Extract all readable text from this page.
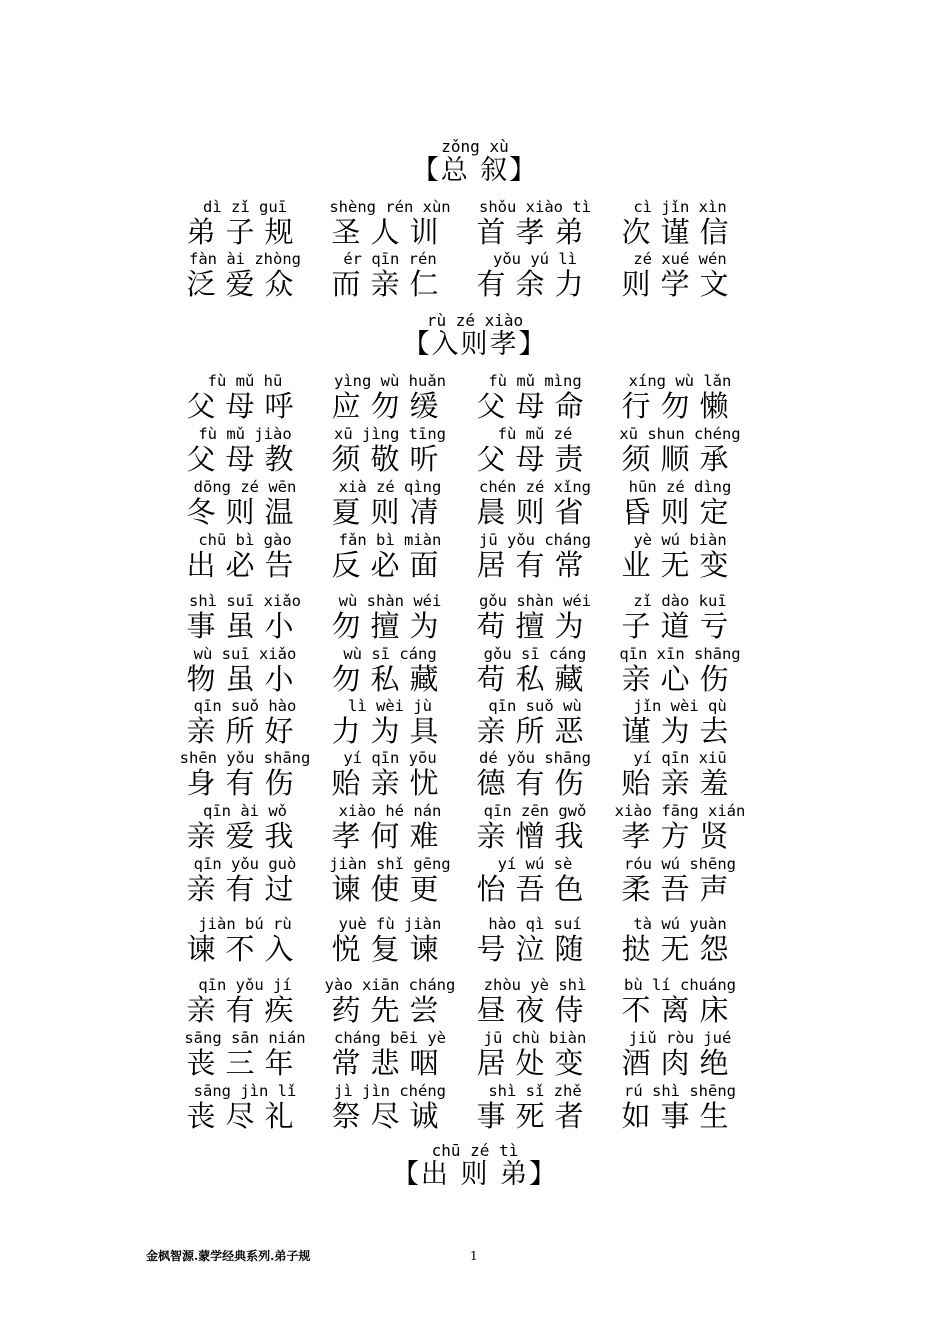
zǒng xù
【总 叙】
dì zǐ guī
弟子规
shèng rén xùn
圣人训
shǒu xiào tì
首孝弟
cì jǐn xìn
次谨信
fàn ài zhòng
泛爱众
ér qīn rén
而亲仁
yǒu yú lì
有余力
zé xué wén
则学文
rù zé xiào
【入则孝】
fù mǔ hū
父母呼
yìng wù huǎn
应勿缓
fù mǔ mìng
父母命
xíng wù lǎn
行勿懒
fù mǔ jiào
父母教
xū jìng tīng
须敬听
fù mǔ zé
父母责
xū shun chéng
须顺承
dōng zé wēn
冬则温
xià zé qìng
夏则凊
chén zé xǐng
晨则省
hūn zé dìng
昏则定
chū bì gào
出必告
fǎn bì miàn
反必面
jū yǒu cháng
居有常
yè wú biàn
业无变
shì suī xiǎo
事虽小
wù shàn wéi
勿擅为
gǒu shàn wéi
苟擅为
zǐ dào kuī
子道亏
wù suī xiǎo
物虽小
wù sī cáng
勿私藏
gǒu sī cáng
苟私藏
qīn xīn shāng
亲心伤
qīn suǒ hào
亲所好
lì wèi jù
力为具
qīn suǒ wù
亲所恶
jǐn wèi qù
谨为去
shēn yǒu shāng
身有伤
yí qīn yōu
贻亲忧
dé yǒu shāng
德有伤
yí qīn xiū
贻亲羞
qīn ài wǒ
亲爱我
xiào hé nán
孝何难
qīn zēn gwǒ
亲憎我
xiào fāng xián
孝方贤
qīn yǒu guò
亲有过
jiàn shǐ gēng
谏使更
yí wú sè
怡吾色
róu wú shēng
柔吾声
jiàn bú rù
谏不入
yuè fù jiàn
悦复谏
hào qì suí
号泣随
tà wú yuàn
挞无怨
qīn yǒu jí
亲有疾
yào xiān cháng
药先尝
zhòu yè shì
昼夜侍
bù lí chuáng
不离床
sāng sān nián
丧三年
cháng bēi yè
常悲咽
jū chù biàn
居处变
jiǔ ròu jué
酒肉绝
sāng jìn lǐ
丧尽礼
jì jìn chéng
祭尽诚
shì sǐ zhě
事死者
rú shì shēng
如事生
chū zé tì
【出 则 弟】
金枫智源.蒙学经典系列.弟子规	1
